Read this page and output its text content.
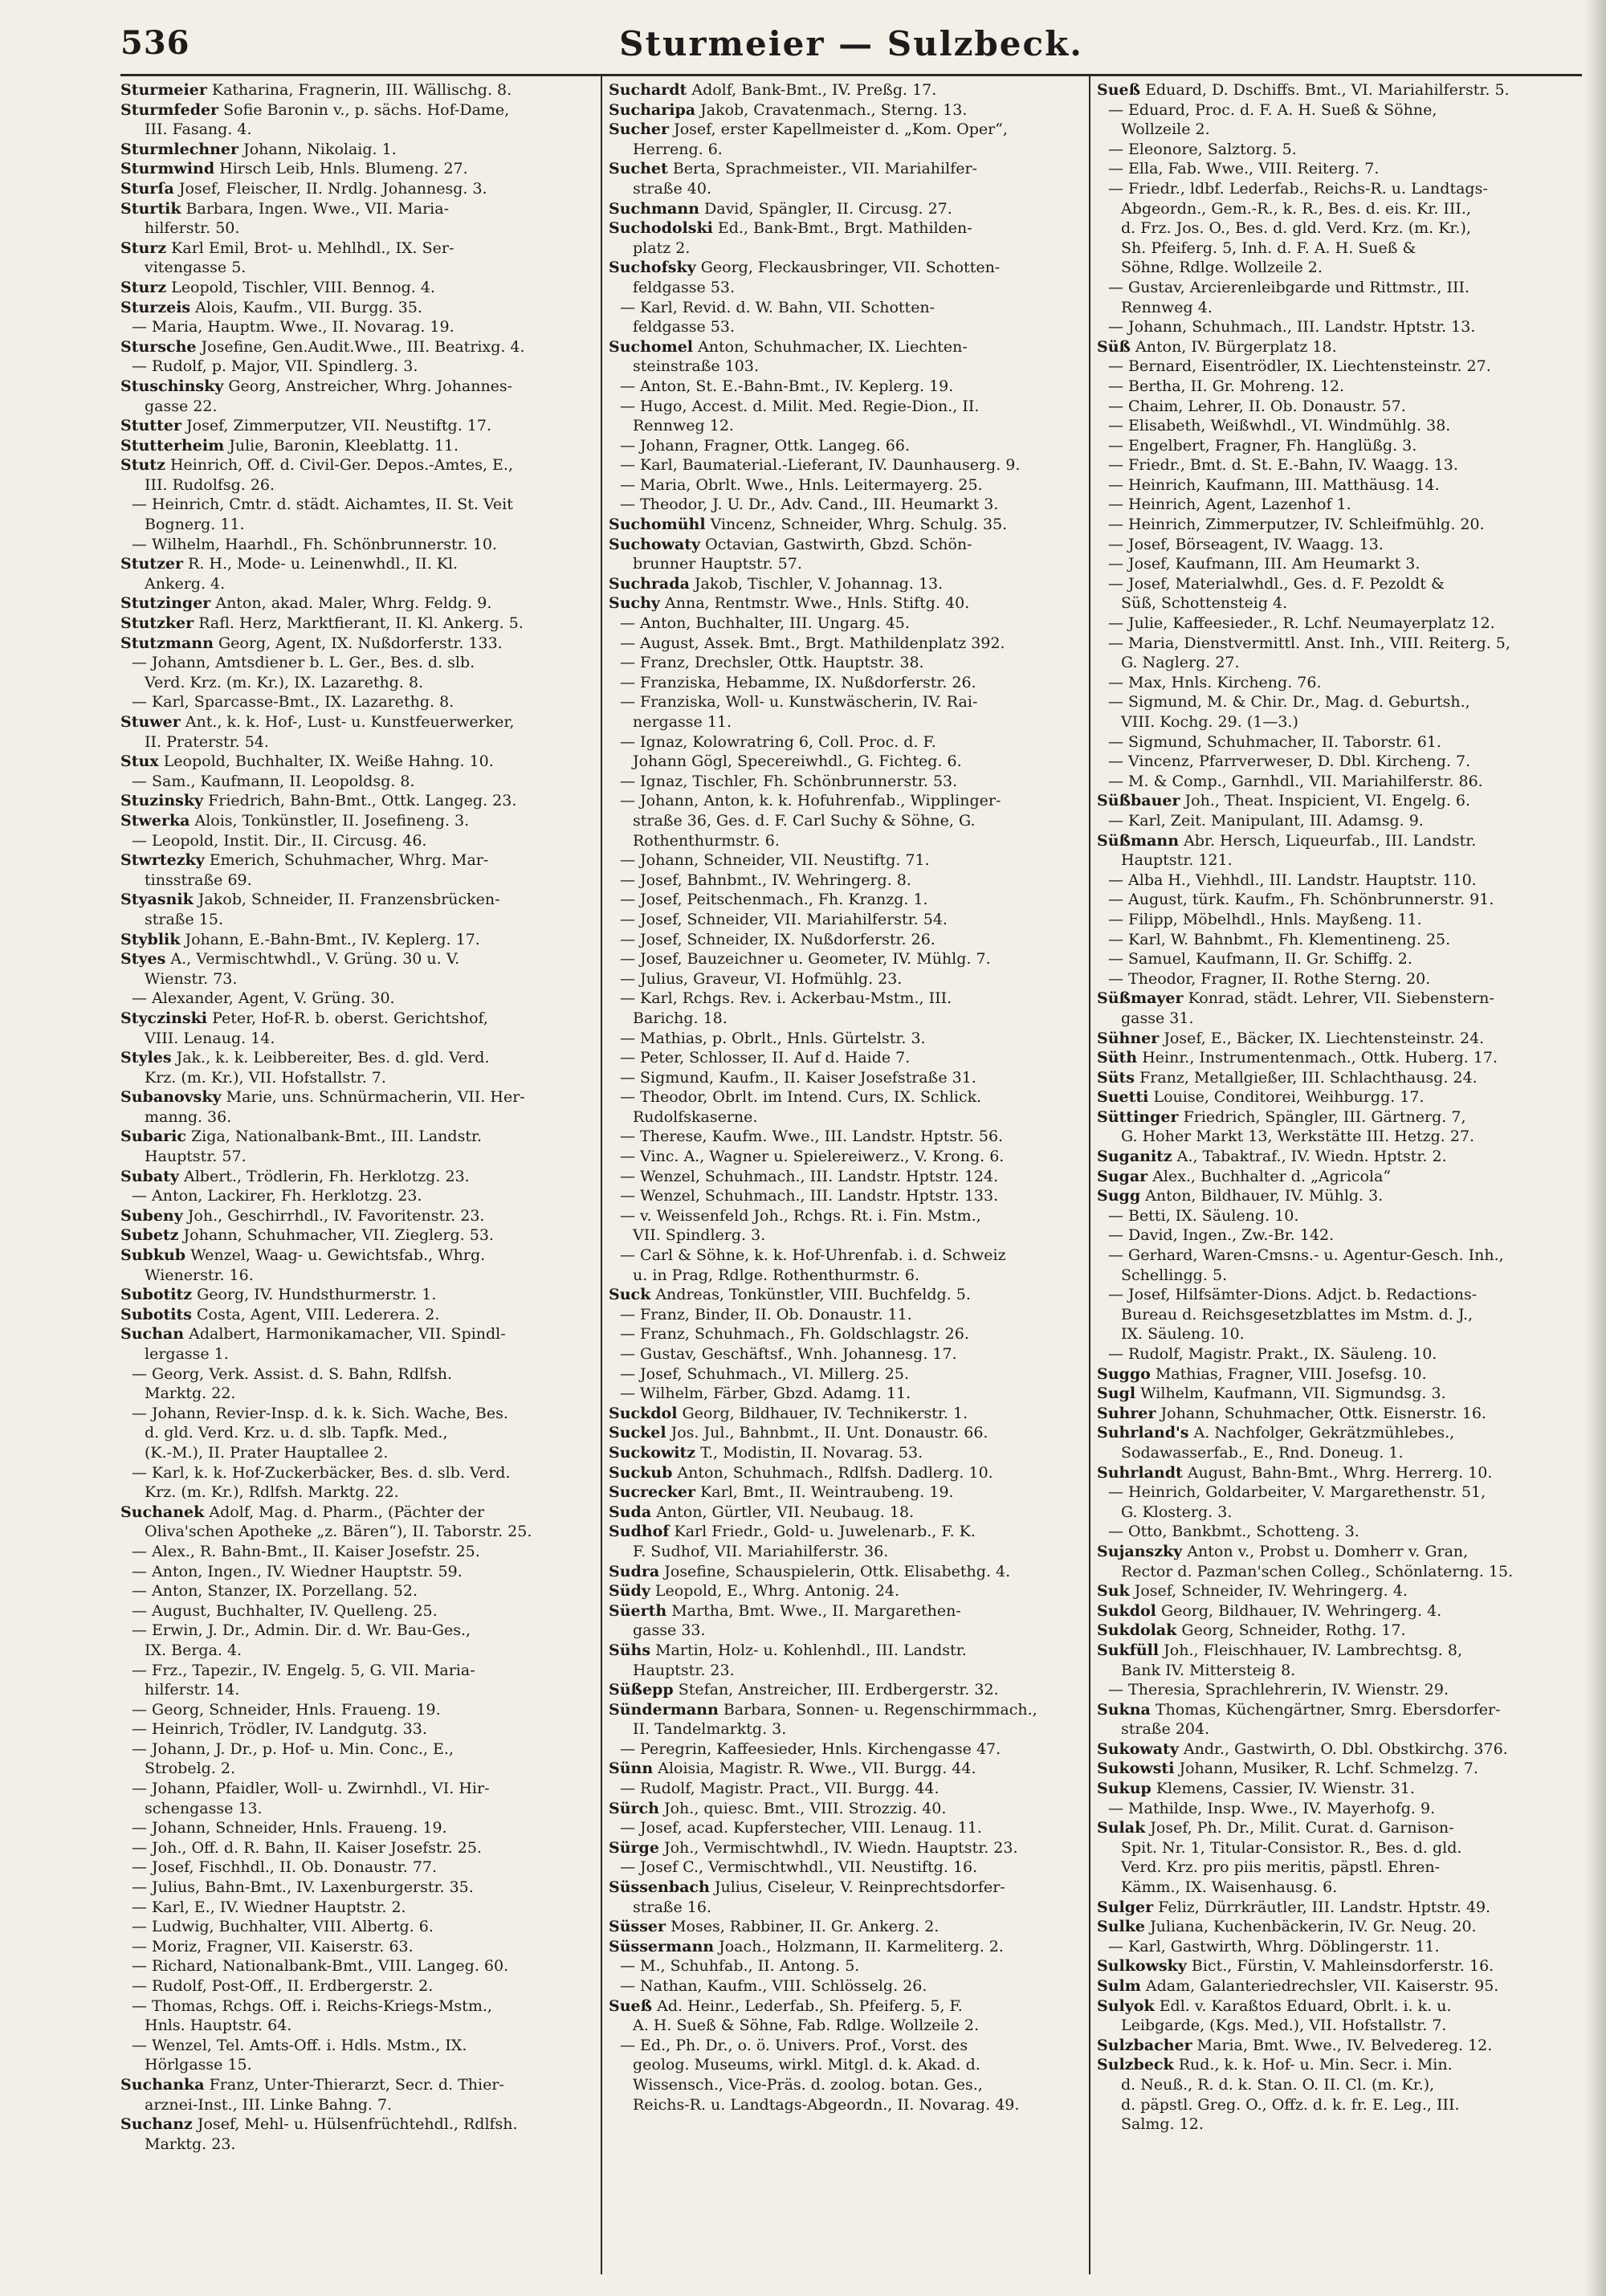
536	Sturmeier — Sulzbeck.

Sturmeier Katharina, Fragnerin, III. Wällischg. 8.

Sturmfeder Sofie Baronin v., p. sächs. Hof-Dame,
III. Fasang. 4.

Sturmlechner Johann, Nikolaig. 1.

Sturmwind Hirsch Leib, Hnls. Blumeng. 27.

Sturſa Josef, Fleischer, II. Nrdlg. Johannesg. 3.

Sturtik Barbara, Ingen. Wwe., VII. Maria-
hilferstr. 50.

Sturz Karl Emil, Brot- u. Mehlhdl., IX. Ser-
vitengasse 5.

Sturz Leopold, Tischler, VIII. Bennog. 4.

Sturzeis Alois, Kaufm., VII. Burgg. 35.

— Maria, Hauptm. Wwe., II. Novarag. 19.

Stursche Josefine, Gen.Audit.Wwe., III. Beatrixg. 4.

— Rudolf, p. Major, VII. Spindlerg. 3.

Stuschinsky Georg, Anstreicher, Whrg. Johannes-
gasse 22.

Stutter Josef, Zimmerputzer, VII. Neustiftg. 17.

Stutterheim Julie, Baronin, Kleeblattg. 11.

Stutz Heinrich, Off. d. Civil-Ger. Depos.-Amtes, E.,
III. Rudolfsg. 26.

— Heinrich, Cmtr. d. städt. Aichamtes, II. St. Veit
Bognerg. 11.

— Wilhelm, Haarhdl., Fh. Schönbrunnerstr. 10.

Stutzer R. H., Mode- u. Leinenwhdl., II. Kl.
Ankerg. 4.

Stutzinger Anton, akad. Maler, Whrg. Feldg. 9.

Stutzker Rafl. Herz, Marktfierant, II. Kl. Ankerg. 5.

Stutzmann Georg, Agent, IX. Nußdorferstr. 133.

— Johann, Amtsdiener b. L. Ger., Bes. d. slb.
Verd. Krz. (m. Kr.), IX. Lazarethg. 8.

— Karl, Sparcasse-Bmt., IX. Lazarethg. 8.

Stuwer Ant., k. k. Hof-, Lust- u. Kunstfeuerwerker,
II. Praterstr. 54.

Stux Leopold, Buchhalter, IX. Weiße Hahng. 10.

— Sam., Kaufmann, II. Leopoldsg. 8.

Stuzinsky Friedrich, Bahn-Bmt., Ottk. Langeg. 23.

Stwerka Alois, Tonkünstler, II. Josefineng. 3.

— Leopold, Instit. Dir., II. Circusg. 46.

Stwrtezky Emerich, Schuhmacher, Whrg. Mar-
tinsstraße 69.

Styasnik Jakob, Schneider, II. Franzensbrücken-
straße 15.

Styblik Johann, E.-Bahn-Bmt., IV. Keplerg. 17.

Styes A., Vermischtwhdl., V. Grüng. 30 u. V.
Wienstr. 73.

— Alexander, Agent, V. Grüng. 30.

Styczinski Peter, Hof-R. b. oberst. Gerichtshof,
VIII. Lenaug. 14.

Styles Jak., k. k. Leibbereiter, Bes. d. gld. Verd.
Krz. (m. Kr.), VII. Hofstallstr. 7.

Subanovsky Marie, uns. Schnürmacherin, VII. Her-
manng. 36.

Subaric Ziga, Nationalbank-Bmt., III. Landstr.
Hauptstr. 57.

Subaty Albert., Trödlerin, Fh. Herklotzg. 23.

— Anton, Lackirer, Fh. Herklotzg. 23.

Subeny Joh., Geschirrhdl., IV. Favoritenstr. 23.

Subetz Johann, Schuhmacher, VII. Zieglerg. 53.

Subkub Wenzel, Waag- u. Gewichtsfab., Whrg.
Wienerstr. 16.

Subotitz Georg, IV. Hundsthurmerstr. 1.

Subotits Costa, Agent, VIII. Lederera. 2.

Suchan Adalbert, Harmonikamacher, VII. Spindl-
lergasse 1.

— Georg, Verk. Assist. d. S. Bahn, Rdlfsh.
Marktg. 22.

— Johann, Revier-Insp. d. k. k. Sich. Wache, Bes.
d. gld. Verd. Krz. u. d. slb. Tapfk. Med.,
(K.-M.), II. Prater Hauptallee 2.

— Karl, k. k. Hof-Zuckerbäcker, Bes. d. slb. Verd.
Krz. (m. Kr.), Rdlfsh. Marktg. 22.

Suchanek Adolf, Mag. d. Pharm., (Pächter der
Oliva'schen Apotheke „z. Bären“), II. Taborstr. 25.

— Alex., R. Bahn-Bmt., II. Kaiser Josefstr. 25.

— Anton, Ingen., IV. Wiedner Hauptstr. 59.

— Anton, Stanzer, IX. Porzellang. 52.

— August, Buchhalter, IV. Quelleng. 25.

— Erwin, J. Dr., Admin. Dir. d. Wr. Bau-Ges.,
IX. Berga. 4.

— Frz., Tapezir., IV. Engelg. 5, G. VII. Maria-
hilferstr. 14.

— Georg, Schneider, Hnls. Fraueng. 19.

— Heinrich, Trödler, IV. Landgutg. 33.

— Johann, J. Dr., p. Hof- u. Min. Conc., E.,
Strobelg. 2.

— Johann, Pfaidler, Woll- u. Zwirnhdl., VI. Hir-
schengasse 13.

— Johann, Schneider, Hnls. Fraueng. 19.

— Joh., Off. d. R. Bahn, II. Kaiser Josefstr. 25.

— Josef, Fischhdl., II. Ob. Donaustr. 77.

— Julius, Bahn-Bmt., IV. Laxenburgerstr. 35.

— Karl, E., IV. Wiedner Hauptstr. 2.

— Ludwig, Buchhalter, VIII. Albertg. 6.

— Moriz, Fragner, VII. Kaiserstr. 63.

— Richard, Nationalbank-Bmt., VIII. Langeg. 60.

— Rudolf, Post-Off., II. Erdbergerstr. 2.

— Thomas, Rchgs. Off. i. Reichs-Kriegs-Mstm.,
Hnls. Hauptstr. 64.

— Wenzel, Tel. Amts-Off. i. Hdls. Mstm., IX.
Hörlgasse 15.

Suchanka Franz, Unter-Thierarzt, Secr. d. Thier-
arznei-Inst., III. Linke Bahng. 7.

Suchanz Josef, Mehl- u. Hülsenfrüchtehdl., Rdlfsh.
Marktg. 23.

Suchardt Adolf, Bank-Bmt., IV. Preßg. 17.

Sucharipa Jakob, Cravatenmach., Sterng. 13.

Sucher Josef, erster Kapellmeister d. „Kom. Oper“,
Herreng. 6.

Suchet Berta, Sprachmeister., VII. Mariahilfer-
straße 40.

Suchmann David, Spängler, II. Circusg. 27.

Suchodolski Ed., Bank-Bmt., Brgt. Mathilden-
platz 2.

Suchofsky Georg, Fleckausbringer, VII. Schotten-
feldgasse 53.

— Karl, Revid. d. W. Bahn, VII. Schotten-
feldgasse 53.

Suchomel Anton, Schuhmacher, IX. Liechten-
steinstraße 103.

— Anton, St. E.-Bahn-Bmt., IV. Keplerg. 19.

— Hugo, Accest. d. Milit. Med. Regie-Dion., II.
Rennweg 12.

— Johann, Fragner, Ottk. Langeg. 66.

— Karl, Baumaterial.-Lieferant, IV. Daunhauserg. 9.

— Maria, Obrlt. Wwe., Hnls. Leitermayerg. 25.

— Theodor, J. U. Dr., Adv. Cand., III. Heumarkt 3.

Suchomühl Vincenz, Schneider, Whrg. Schulg. 35.

Suchowaty Octavian, Gastwirth, Gbzd. Schön-
brunner Hauptstr. 57.

Suchrada Jakob, Tischler, V. Johannag. 13.

Suchy Anna, Rentmstr. Wwe., Hnls. Stiftg. 40.

— Anton, Buchhalter, III. Ungarg. 45.

— August, Assek. Bmt., Brgt. Mathildenplatz 392.

— Franz, Drechsler, Ottk. Hauptstr. 38.

— Franziska, Hebamme, IX. Nußdorferstr. 26.

— Franziska, Woll- u. Kunstwäscherin, IV. Rai-
nergasse 11.

— Ignaz, Kolowratring 6, Coll. Proc. d. F.
Johann Gögl, Specereiwhdl., G. Fichteg. 6.

— Ignaz, Tischler, Fh. Schönbrunnerstr. 53.

— Johann, Anton, k. k. Hofuhrenfab., Wipplinger-
straße 36, Ges. d. F. Carl Suchy & Söhne, G.
Rothenthurmstr. 6.

— Johann, Schneider, VII. Neustiftg. 71.

— Josef, Bahnbmt., IV. Wehringerg. 8.

— Josef, Peitschenmach., Fh. Kranzg. 1.

— Josef, Schneider, VII. Mariahilferstr. 54.

— Josef, Schneider, IX. Nußdorferstr. 26.

— Josef, Bauzeichner u. Geometer, IV. Mühlg. 7.

— Julius, Graveur, VI. Hofmühlg. 23.

— Karl, Rchgs. Rev. i. Ackerbau-Mstm., III.
Barichg. 18.

— Mathias, p. Obrlt., Hnls. Gürtelstr. 3.

— Peter, Schlosser, II. Auf d. Haide 7.

— Sigmund, Kaufm., II. Kaiser Josefstraße 31.

— Theodor, Obrlt. im Intend. Curs, IX. Schlick.
Rudolfskaserne.

— Therese, Kaufm. Wwe., III. Landstr. Hptstr. 56.

— Vinc. A., Wagner u. Spielereiwerz., V. Krong. 6.

— Wenzel, Schuhmach., III. Landstr. Hptstr. 124.

— Wenzel, Schuhmach., III. Landstr. Hptstr. 133.

— v. Weissenfeld Joh., Rchgs. Rt. i. Fin. Mstm.,
VII. Spindlerg. 3.

— Carl & Söhne, k. k. Hof-Uhrenfab. i. d. Schweiz
u. in Prag, Rdlge. Rothenthurmstr. 6.

Suck Andreas, Tonkünstler, VIII. Buchfeldg. 5.

— Franz, Binder, II. Ob. Donaustr. 11.

— Franz, Schuhmach., Fh. Goldschlagstr. 26.

— Gustav, Geschäftsf., Wnh. Johannesg. 17.

— Josef, Schuhmach., VI. Millerg. 25.

— Wilhelm, Färber, Gbzd. Adamg. 11.

Suckdol Georg, Bildhauer, IV. Technikerstr. 1.

Suckel Jos. Jul., Bahnbmt., II. Unt. Donaustr. 66.

Suckowitz T., Modistin, II. Novarag. 53.

Suckub Anton, Schuhmach., Rdlfsh. Dadlerg. 10.

Sucrecker Karl, Bmt., II. Weintraubeng. 19.

Suda Anton, Gürtler, VII. Neubaug. 18.

Sudhof Karl Friedr., Gold- u. Juwelenarb., F. K.
F. Sudhof, VII. Mariahilferstr. 36.

Sudra Josefine, Schauspielerin, Ottk. Elisabethg. 4.

Südy Leopold, E., Whrg. Antonig. 24.

Süerth Martha, Bmt. Wwe., II. Margarethen-
gasse 33.

Sühs Martin, Holz- u. Kohlenhdl., III. Landstr.
Hauptstr. 23.

Süßepp Stefan, Anstreicher, III. Erdbergerstr. 32.

Sündermann Barbara, Sonnen- u. Regenschirmmach.,
II. Tandelmarktg. 3.

— Peregrin, Kaffeesieder, Hnls. Kirchengasse 47.

Sünn Aloisia, Magistr. R. Wwe., VII. Burgg. 44.

— Rudolf, Magistr. Pract., VII. Burgg. 44.

Sürch Joh., quiesc. Bmt., VIII. Strozzig. 40.

— Josef, acad. Kupferstecher, VIII. Lenaug. 11.

Sürge Joh., Vermischtwhdl., IV. Wiedn. Hauptstr. 23.

— Josef C., Vermischtwhdl., VII. Neustiftg. 16.

Süssenbach Julius, Ciseleur, V. Reinprechtsdorfer-
straße 16.

Süsser Moses, Rabbiner, II. Gr. Ankerg. 2.

Süssermann Joach., Holzmann, II. Karmeliterg. 2.

— M., Schuhfab., II. Antong. 5.

— Nathan, Kaufm., VIII. Schlösselg. 26.

Sueß Ad. Heinr., Lederfab., Sh. Pfeiferg. 5, F.
A. H. Sueß & Söhne, Fab. Rdlge. Wollzeile 2.

— Ed., Ph. Dr., o. ö. Univers. Prof., Vorst. des
geolog. Museums, wirkl. Mitgl. d. k. Akad. d.
Wissensch., Vice-Präs. d. zoolog. botan. Ges.,
Reichs-R. u. Landtags-Abgeordn., II. Novarag. 49.

Sueß Eduard, D. Dschiffs. Bmt., VI. Mariahilferstr. 5.

— Eduard, Proc. d. F. A. H. Sueß & Söhne,
Wollzeile 2.

— Eleonore, Salztorg. 5.

— Ella, Fab. Wwe., VIII. Reiterg. 7.

— Friedr., ldbf. Lederfab., Reichs-R. u. Landtags-
Abgeordn., Gem.-R., k. R., Bes. d. eis. Kr. III.,
d. Frz. Jos. O., Bes. d. gld. Verd. Krz. (m. Kr.),
Sh. Pfeiferg. 5, Inh. d. F. A. H. Sueß &
Söhne, Rdlge. Wollzeile 2.

— Gustav, Arcierenleibgarde und Rittmstr., III.
Rennweg 4.

— Johann, Schuhmach., III. Landstr. Hptstr. 13.

Süß Anton, IV. Bürgerplatz 18.

— Bernard, Eisentrödler, IX. Liechtensteinstr. 27.

— Bertha, II. Gr. Mohreng. 12.

— Chaim, Lehrer, II. Ob. Donaustr. 57.

— Elisabeth, Weißwhdl., VI. Windmühlg. 38.

— Engelbert, Fragner, Fh. Hanglüßg. 3.

— Friedr., Bmt. d. St. E.-Bahn, IV. Waagg. 13.

— Heinrich, Kaufmann, III. Matthäusg. 14.

— Heinrich, Agent, Lazenhof 1.

— Heinrich, Zimmerputzer, IV. Schleifmühlg. 20.

— Josef, Börseagent, IV. Waagg. 13.

— Josef, Kaufmann, III. Am Heumarkt 3.

— Josef, Materialwhdl., Ges. d. F. Pezoldt &
Süß, Schottensteig 4.

— Julie, Kaffeesieder., R. Lchf. Neumayerplatz 12.

— Maria, Dienstvermittl. Anst. Inh., VIII. Reiterg. 5,
G. Naglerg. 27.

— Max, Hnls. Kircheng. 76.

— Sigmund, M. & Chir. Dr., Mag. d. Geburtsh.,
VIII. Kochg. 29. (1—3.)

— Sigmund, Schuhmacher, II. Taborstr. 61.

— Vincenz, Pfarrverweser, D. Dbl. Kircheng. 7.

— M. & Comp., Garnhdl., VII. Mariahilferstr. 86.

Süßbauer Joh., Theat. Inspicient, VI. Engelg. 6.

— Karl, Zeit. Manipulant, III. Adamsg. 9.

Süßmann Abr. Hersch, Liqueurfab., III. Landstr.
Hauptstr. 121.

— Alba H., Viehhdl., III. Landstr. Hauptstr. 110.

— August, türk. Kaufm., Fh. Schönbrunnerstr. 91.

— Filipp, Möbelhdl., Hnls. Mayßeng. 11.

— Karl, W. Bahnbmt., Fh. Klementineng. 25.

— Samuel, Kaufmann, II. Gr. Schiffg. 2.

— Theodor, Fragner, II. Rothe Sterng. 20.

Süßmayer Konrad, städt. Lehrer, VII. Siebenstern-
gasse 31.

Sühner Josef, E., Bäcker, IX. Liechtensteinstr. 24.

Süth Heinr., Instrumentenmach., Ottk. Huberg. 17.

Süts Franz, Metallgießer, III. Schlachthausg. 24.

Suetti Louise, Conditorei, Weihburgg. 17.

Süttinger Friedrich, Spängler, III. Gärtnerg. 7,
G. Hoher Markt 13, Werkstätte III. Hetzg. 27.

Suganitz A., Tabaktraf., IV. Wiedn. Hptstr. 2.

Sugar Alex., Buchhalter d. „Agricola“

Sugg Anton, Bildhauer, IV. Mühlg. 3.

— Betti, IX. Säuleng. 10.

— David, Ingen., Zw.-Br. 142.

— Gerhard, Waren-Cmsns.- u. Agentur-Gesch. Inh.,
Schellingg. 5.

— Josef, Hilfsämter-Dions. Adjct. b. Redactions-
Bureau d. Reichsgesetzblattes im Mstm. d. J.,
IX. Säuleng. 10.

— Rudolf, Magistr. Prakt., IX. Säuleng. 10.

Suggo Mathias, Fragner, VIII. Josefsg. 10.

Sugl Wilhelm, Kaufmann, VII. Sigmundsg. 3.

Suhrer Johann, Schuhmacher, Ottk. Eisnerstr. 16.

Suhrland's A. Nachfolger, Gekrätzmühlebes.,
Sodawasserfab., E., Rnd. Doneug. 1.

Suhrlandt August, Bahn-Bmt., Whrg. Herrerg. 10.

— Heinrich, Goldarbeiter, V. Margarethenstr. 51,
G. Klosterg. 3.

— Otto, Bankbmt., Schotteng. 3.

Sujanszky Anton v., Probst u. Domherr v. Gran,
Rector d. Pazman'schen Colleg., Schönlaterng. 15.

Suk Josef, Schneider, IV. Wehringerg. 4.

Sukdol Georg, Bildhauer, IV. Wehringerg. 4.

Sukdolak Georg, Schneider, Rothg. 17.

Sukfüll Joh., Fleischhauer, IV. Lambrechtsg. 8,
Bank IV. Mittersteig 8.

— Theresia, Sprachlehrerin, IV. Wienstr. 29.

Sukna Thomas, Küchengärtner, Smrg. Ebersdorfer-
straße 204.

Sukowaty Andr., Gastwirth, O. Dbl. Obstkirchg. 376.

Sukowsti Johann, Musiker, R. Lchf. Schmelzg. 7.

Sukup Klemens, Cassier, IV. Wienstr. 31.

— Mathilde, Insp. Wwe., IV. Mayerhofg. 9.

Sulak Josef, Ph. Dr., Milit. Curat. d. Garnison-
Spit. Nr. 1, Titular-Consistor. R., Bes. d. gld.
Verd. Krz. pro piis meritis, päpstl. Ehren-
Kämm., IX. Waisenhausg. 6.

Sulger Feliz, Dürrkräutler, III. Landstr. Hptstr. 49.

Sulke Juliana, Kuchenbäckerin, IV. Gr. Neug. 20.

— Karl, Gastwirth, Whrg. Döblingerstr. 11.

Sulkowsky Bict., Fürstin, V. Mahleinsdorferstr. 16.

Sulm Adam, Galanteriedrechsler, VII. Kaiserstr. 95.

Sulyok Edl. v. Karaßtos Eduard, Obrlt. i. k. u.
Leibgarde, (Kgs. Med.), VII. Hofstallstr. 7.

Sulzbacher Maria, Bmt. Wwe., IV. Belvedereg. 12.

Sulzbeck Rud., k. k. Hof- u. Min. Secr. i. Min.
d. Neuß., R. d. k. Stan. O. II. Cl. (m. Kr.),
d. päpstl. Greg. O., Offz. d. k. fr. E. Leg., III.
Salmg. 12.
